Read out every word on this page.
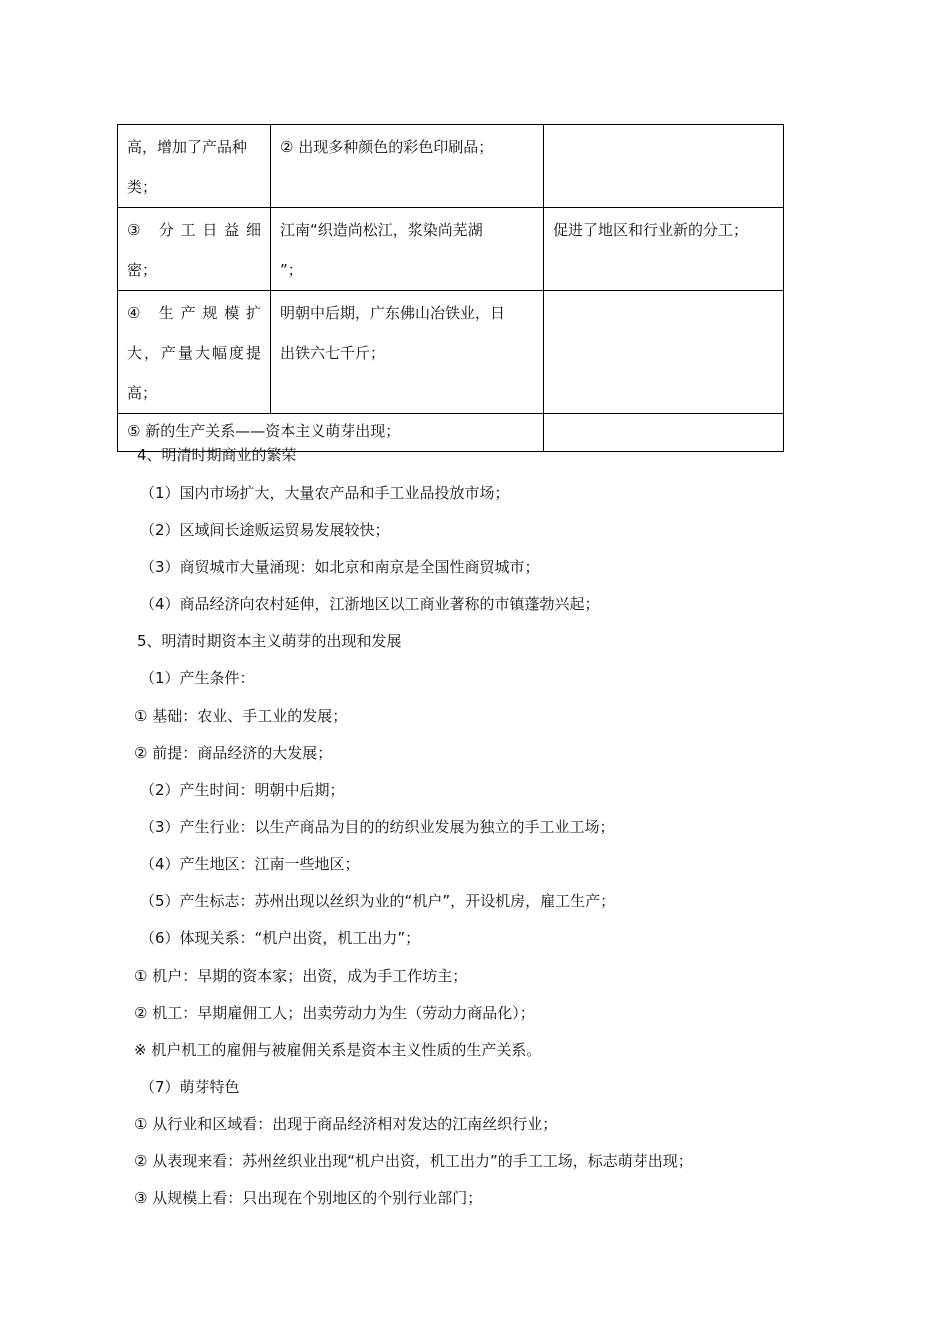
高，增加了产品种
类；	② 出现多种颜色的彩色印刷品；	

③ 分工日益细
密；	江南“织造尚松江，浆染尚芜湖
”；	促进了地区和行业新的分工；

④ 生产规模扩
大，产量大幅度提
高；	明朝中后期，广东佛山冶铁业，日
出铁六七千斤；	

⑤ 新的生产关系——资本主义萌芽出现；		
4、明清时期商业的繁荣
（1）国内市场扩大，大量农产品和手工业品投放市场；
（2）区域间长途贩运贸易发展较快；
（3）商贸城市大量涌现：如北京和南京是全国性商贸城市；
（4）商品经济向农村延伸，江浙地区以工商业著称的市镇蓬勃兴起；
5、明清时期资本主义萌芽的出现和发展
（1）产生条件：
① 基础：农业、手工业的发展；
② 前提：商品经济的大发展；
（2）产生时间：明朝中后期；
（3）产生行业：以生产商品为目的的纺织业发展为独立的手工业工场；
（4）产生地区：江南一些地区；
（5）产生标志：苏州出现以丝织为业的“机户”，开设机房，雇工生产；
（6）体现关系：“机户出资，机工出力”；
① 机户：早期的资本家；出资，成为手工作坊主；
② 机工：早期雇佣工人；出卖劳动力为生（劳动力商品化）；
※ 机户机工的雇佣与被雇佣关系是资本主义性质的生产关系。
（7）萌芽特色
① 从行业和区域看：出现于商品经济相对发达的江南丝织行业；
② 从表现来看：苏州丝织业出现“机户出资，机工出力”的手工工场，标志萌芽出现；
③ 从规模上看：只出现在个别地区的个别行业部门；
